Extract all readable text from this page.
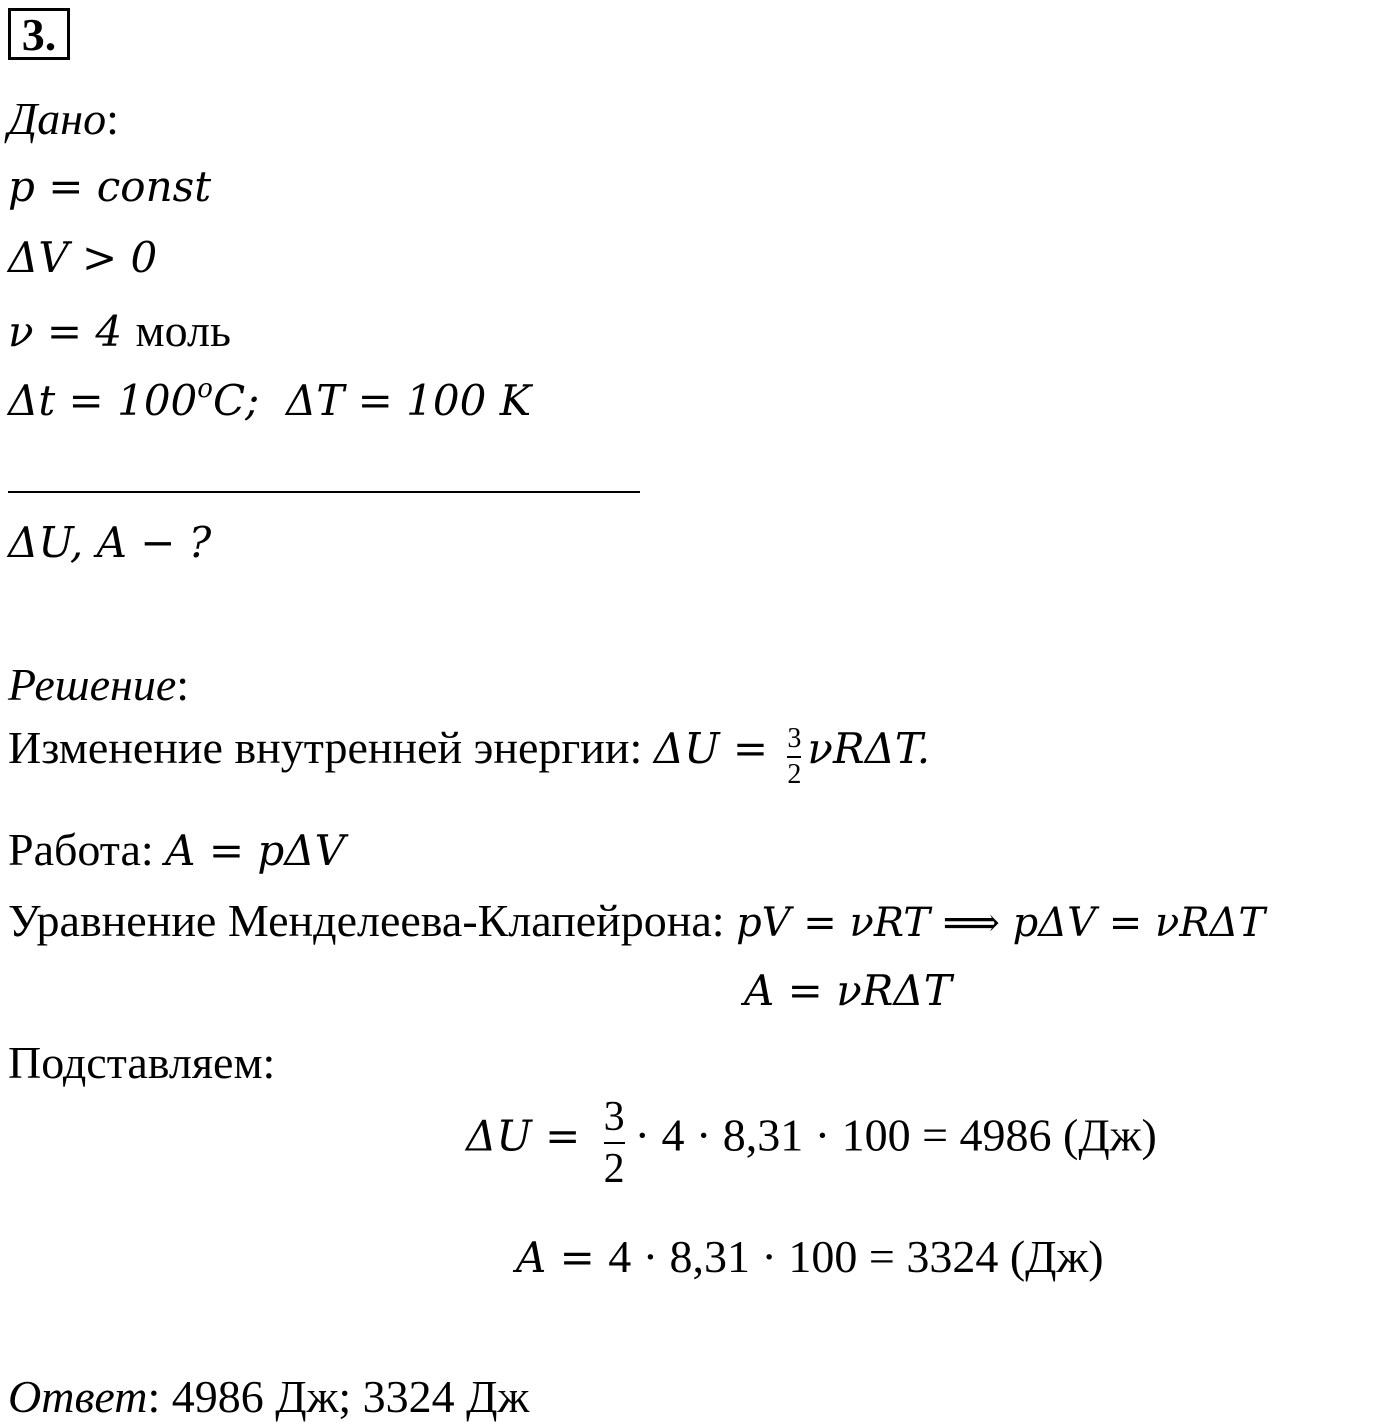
3.
Дано:
p = const
ΔV > 0
ν = 4 моль
$\Delta t = 100^oC$; ΔT = 100 K
ΔU, A − ?
Решение:
Изменение внутренней энергии: $\Delta U = \frac{3}{2} \nu R\Delta T$.
Работа: A = pΔV
Уравнение Менделеева-Клапейрона: pV = νRT ⟹ pΔV = νRΔT
A = νRΔT
Подставляем:
$\Delta U = \frac{3}{2} \cdot 4 \cdot 8,31 \cdot 100 = 4986$ (Дж)
A = 4 · 8,31 · 100 = 3324 (Дж)
Ответ: 4986 Дж; 3324 Дж
